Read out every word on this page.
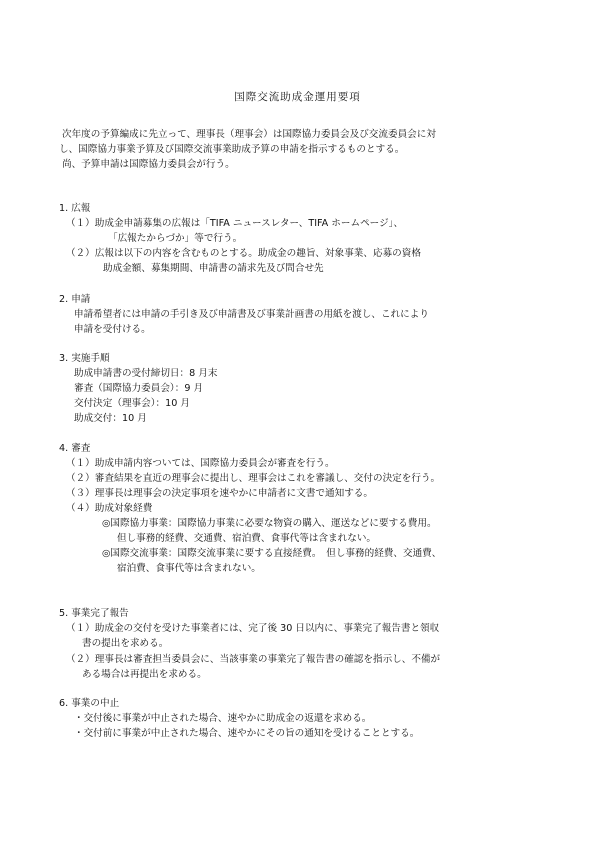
国際交流助成金運用要項
次年度の予算編成に先立って、理事長（理事会）は国際協力委員会及び交流委員会に対
し、国際協力事業予算及び国際交流事業助成予算の申請を指示するものとする。
尚、予算申請は国際協力委員会が行う。
1. 広報
（１）助成金申請募集の広報は「TIFA ニュースレター、TIFA ホームページ」、
「広報たからづか」等で行う。
（２）広報は以下の内容を含むものとする。助成金の趣旨、対象事業、応募の資格
助成金額、募集期間、申請書の請求先及び問合せ先
2. 申請
申請希望者には申請の手引き及び申請書及び事業計画書の用紙を渡し、これにより
申請を受付ける。
3. 実施手順
助成申請書の受付締切日：8 月末
審査（国際協力委員会）：9 月
交付決定（理事会）：10 月
助成交付：10 月
4. 審査
（１）助成申請内容ついては、国際協力委員会が審査を行う。
（２）審査結果を直近の理事会に提出し、理事会はこれを審議し、交付の決定を行う。
（３）理事長は理事会の決定事項を速やかに申請者に文書で通知する。
（４）助成対象経費
◎国際協力事業：国際協力事業に必要な物資の購入、運送などに要する費用。
但し事務的経費、交通費、宿泊費、食事代等は含まれない。
◎国際交流事業：国際交流事業に要する直接経費。　但し事務的経費、交通費、
宿泊費、食事代等は含まれない。
5. 事業完了報告
（１）助成金の交付を受けた事業者には、完了後 30 日以内に、事業完了報告書と領収
書の提出を求める。
（２）理事長は審査担当委員会に、当該事業の事業完了報告書の確認を指示し、不備が
ある場合は再提出を求める。
6. 事業の中止
・交付後に事業が中止された場合、速やかに助成金の返還を求める。
・交付前に事業が中止された場合、速やかにその旨の通知を受けることとする。
